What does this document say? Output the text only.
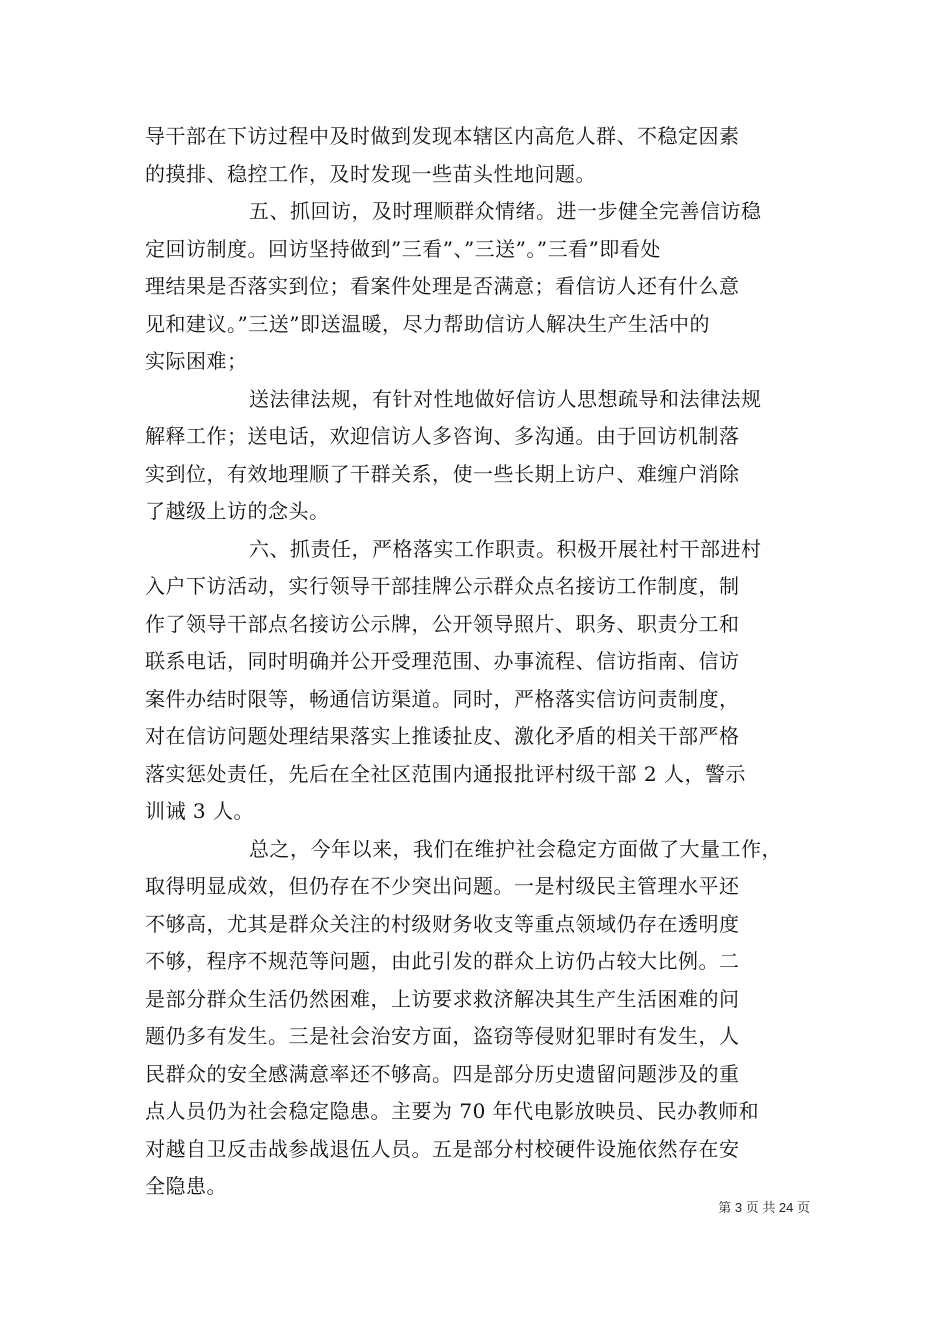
导干部在下访过程中及时做到发现本辖区内高危人群、不稳定因素
的摸排、稳控工作，及时发现一些苗头性地问题。
五、抓回访，及时理顺群众情绪。进一步健全完善信访稳
定回访制度。回访坚持做到”三看”、”三送”。”三看”即看处
理结果是否落实到位；看案件处理是否满意；看信访人还有什么意
见和建议。”三送”即送温暖，尽力帮助信访人解决生产生活中的
实际困难；
送法律法规，有针对性地做好信访人思想疏导和法律法规
解释工作；送电话，欢迎信访人多咨询、多沟通。由于回访机制落
实到位，有效地理顺了干群关系，使一些长期上访户、难缠户消除
了越级上访的念头。
六、抓责任，严格落实工作职责。积极开展社村干部进村
入户下访活动，实行领导干部挂牌公示群众点名接访工作制度，制
作了领导干部点名接访公示牌，公开领导照片、职务、职责分工和
联系电话，同时明确并公开受理范围、办事流程、信访指南、信访
案件办结时限等，畅通信访渠道。同时，严格落实信访问责制度，
对在信访问题处理结果落实上推诿扯皮、激化矛盾的相关干部严格
落实惩处责任，先后在全社区范围内通报批评村级干部 2 人，警示
训诫 3 人。
总之，今年以来，我们在维护社会稳定方面做了大量工作，
取得明显成效，但仍存在不少突出问题。一是村级民主管理水平还
不够高，尤其是群众关注的村级财务收支等重点领域仍存在透明度
不够，程序不规范等问题，由此引发的群众上访仍占较大比例。二
是部分群众生活仍然困难，上访要求救济解决其生产生活困难的问
题仍多有发生。三是社会治安方面，盗窃等侵财犯罪时有发生，人
民群众的安全感满意率还不够高。四是部分历史遗留问题涉及的重
点人员仍为社会稳定隐患。主要为 70 年代电影放映员、民办教师和
对越自卫反击战参战退伍人员。五是部分村校硬件设施依然存在安
全隐患。
第 3 页 共 24 页
